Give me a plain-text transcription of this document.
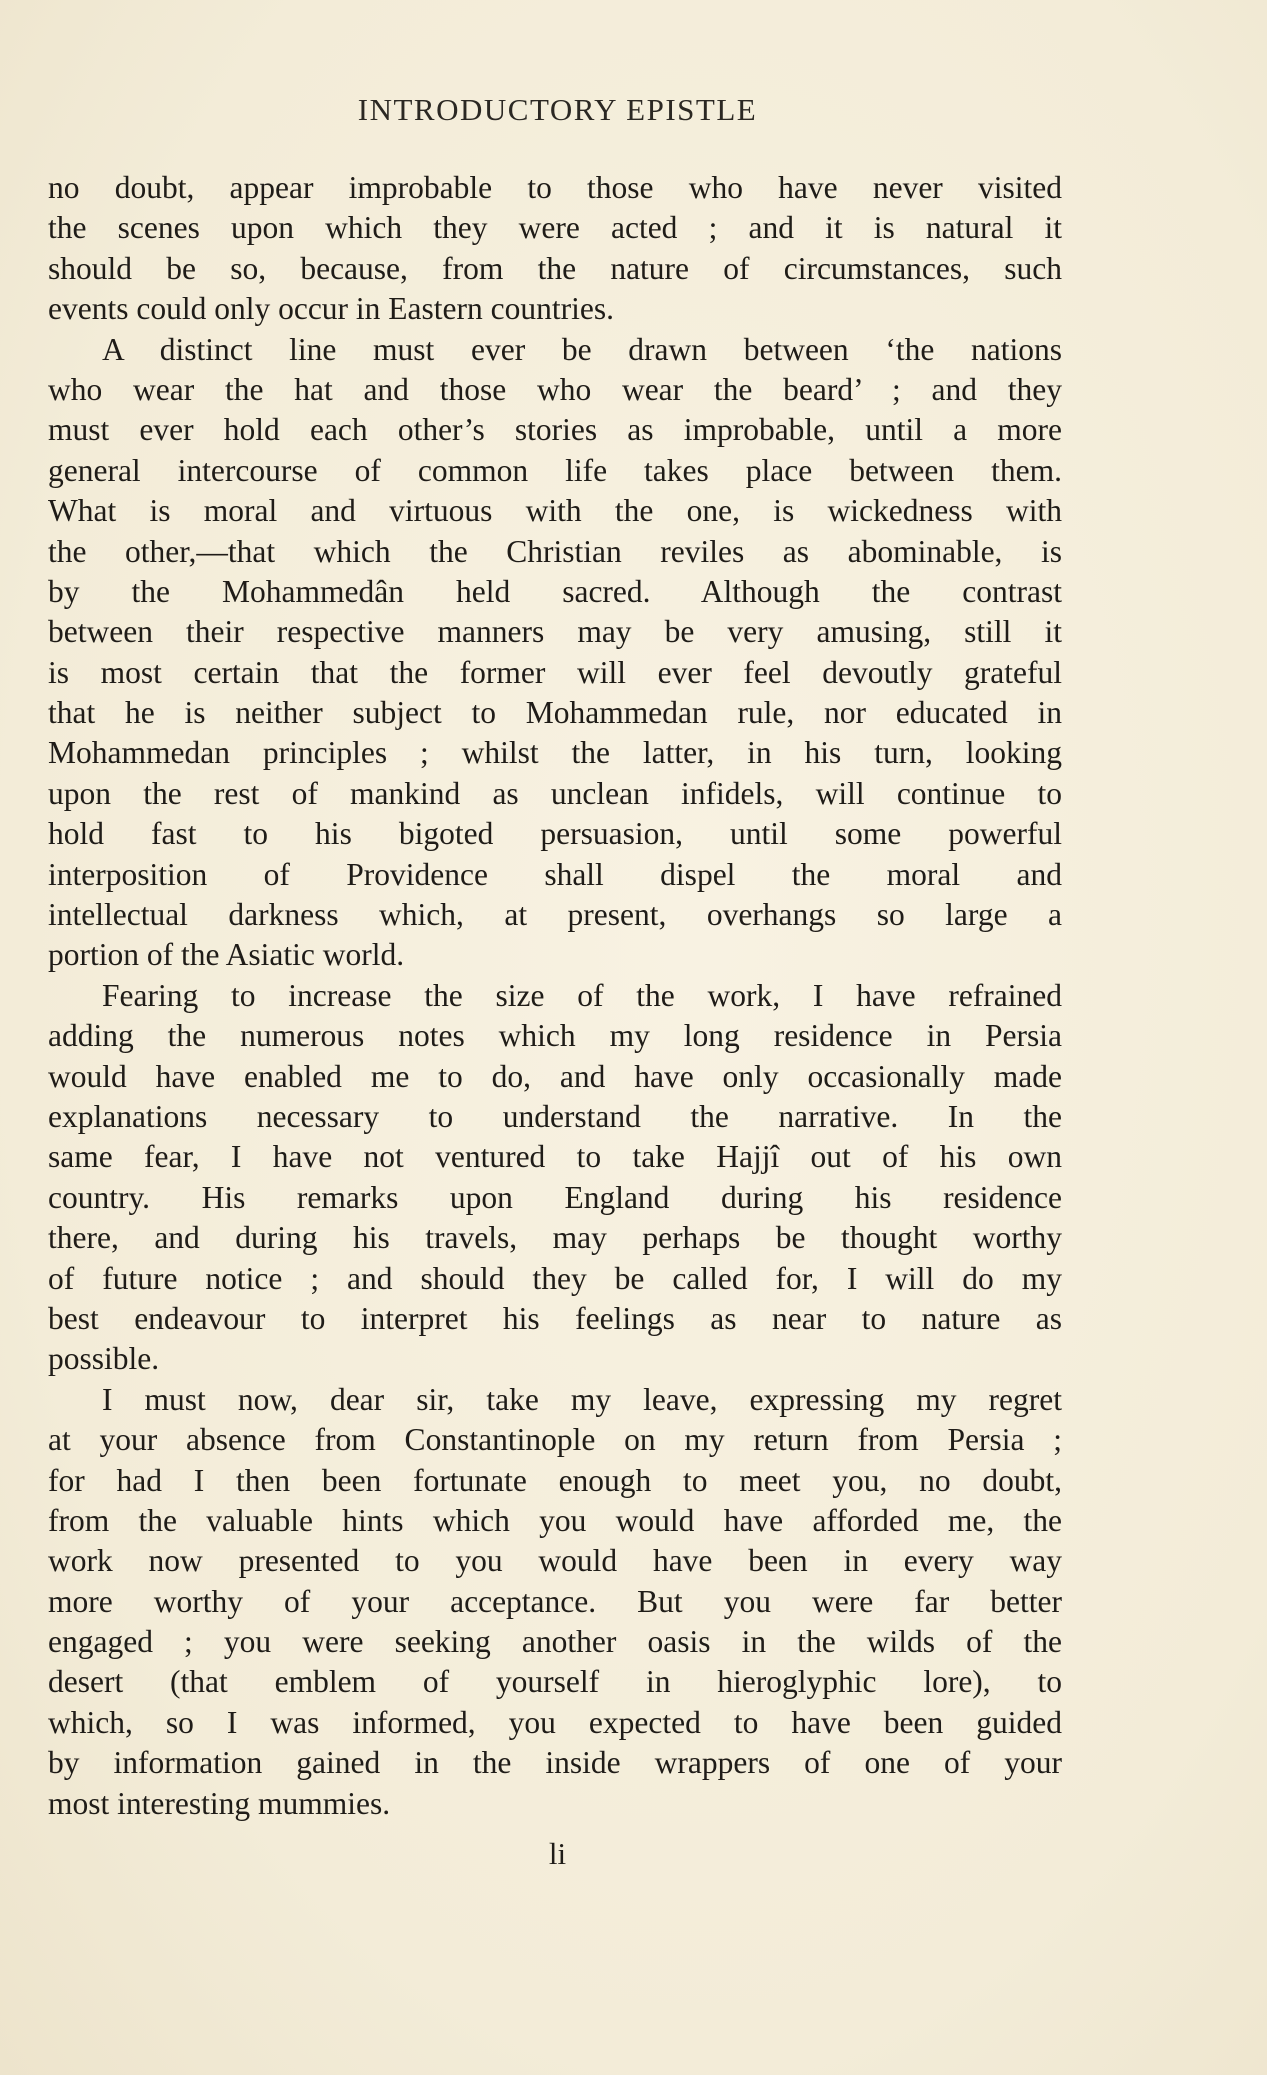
INTRODUCTORY EPISTLE
no doubt, appear improbable to those who have never visited
the scenes upon which they were acted ; and it is natural it
should be so, because, from the nature of circumstances, such
events could only occur in Eastern countries.
A distinct line must ever be drawn between ‘the nations
who wear the hat and those who wear the beard’ ; and they
must ever hold each other’s stories as improbable, until a more
general intercourse of common life takes place between them.
What is moral and virtuous with the one, is wickedness with
the other,—that which the Christian reviles as abominable, is
by the Mohammedân held sacred. Although the contrast
between their respective manners may be very amusing, still it
is most certain that the former will ever feel devoutly grateful
that he is neither subject to Mohammedan rule, nor educated in
Mohammedan principles ; whilst the latter, in his turn, looking
upon the rest of mankind as unclean infidels, will continue to
hold fast to his bigoted persuasion, until some powerful
interposition of Providence shall dispel the moral and
intellectual darkness which, at present, overhangs so large a
portion of the Asiatic world.
Fearing to increase the size of the work, I have refrained
adding the numerous notes which my long residence in Persia
would have enabled me to do, and have only occasionally made
explanations necessary to understand the narrative. In the
same fear, I have not ventured to take Hajjî out of his own
country. His remarks upon England during his residence
there, and during his travels, may perhaps be thought worthy
of future notice ; and should they be called for, I will do my
best endeavour to interpret his feelings as near to nature as
possible.
I must now, dear sir, take my leave, expressing my regret
at your absence from Constantinople on my return from Persia ;
for had I then been fortunate enough to meet you, no doubt,
from the valuable hints which you would have afforded me, the
work now presented to you would have been in every way
more worthy of your acceptance. But you were far better
engaged ; you were seeking another oasis in the wilds of the
desert (that emblem of yourself in hieroglyphic lore), to
which, so I was informed, you expected to have been guided
by information gained in the inside wrappers of one of your
most interesting mummies.
li
